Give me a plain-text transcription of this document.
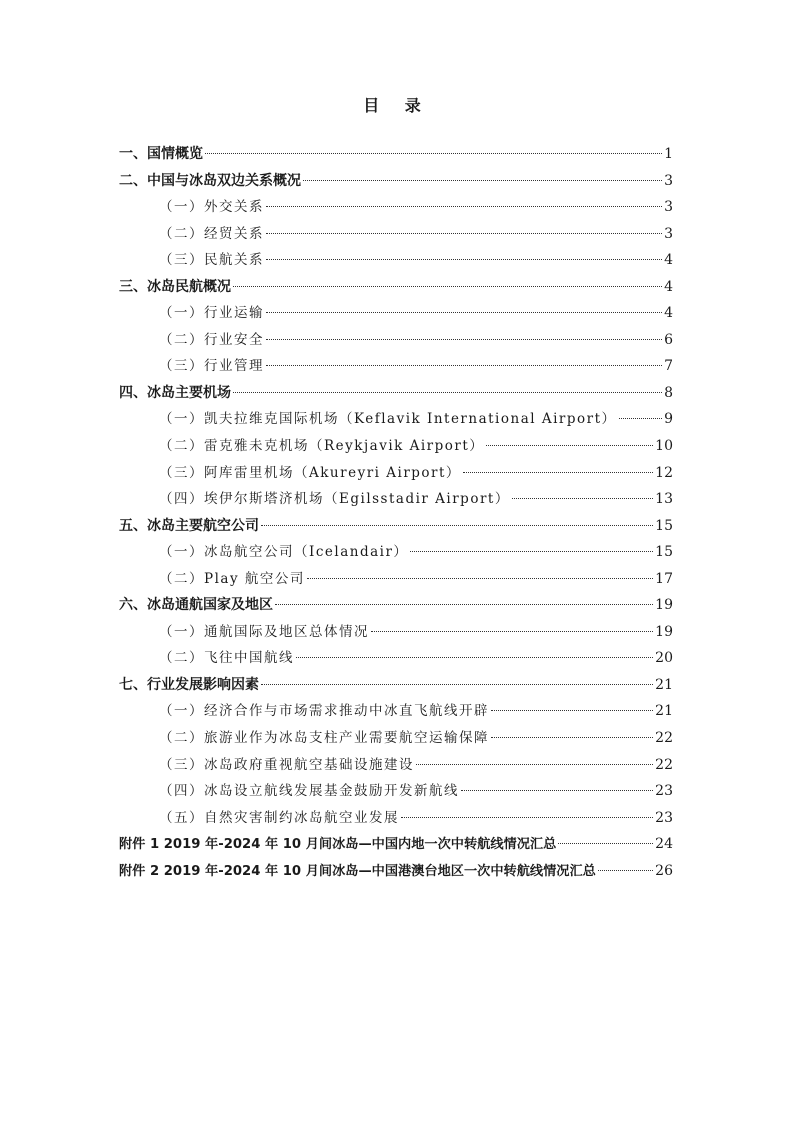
目 录
一、国情概览	1
二、中国与冰岛双边关系概况	3
（一）外交关系	3
（二）经贸关系	3
（三）民航关系	4
三、冰岛民航概况	4
（一）行业运输	4
（二）行业安全	6
（三）行业管理	7
四、冰岛主要机场	8
（一）凯夫拉维克国际机场（Keflavik International Airport）	9
（二）雷克雅未克机场（Reykjavik Airport）	10
（三）阿库雷里机场（Akureyri Airport）	12
（四）埃伊尔斯塔济机场（Egilsstadir Airport）	13
五、冰岛主要航空公司	15
（一）冰岛航空公司（Icelandair）	15
（二）Play 航空公司	17
六、冰岛通航国家及地区	19
（一）通航国际及地区总体情况	19
（二）飞往中国航线	20
七、行业发展影响因素	21
（一）经济合作与市场需求推动中冰直飞航线开辟	21
（二）旅游业作为冰岛支柱产业需要航空运输保障	22
（三）冰岛政府重视航空基础设施建设	22
（四）冰岛设立航线发展基金鼓励开发新航线	23
（五）自然灾害制约冰岛航空业发展	23
附件 1 2019 年-2024 年 10 月间冰岛—中国内地一次中转航线情况汇总	24
附件 2 2019 年-2024 年 10 月间冰岛—中国港澳台地区一次中转航线情况汇总	26
